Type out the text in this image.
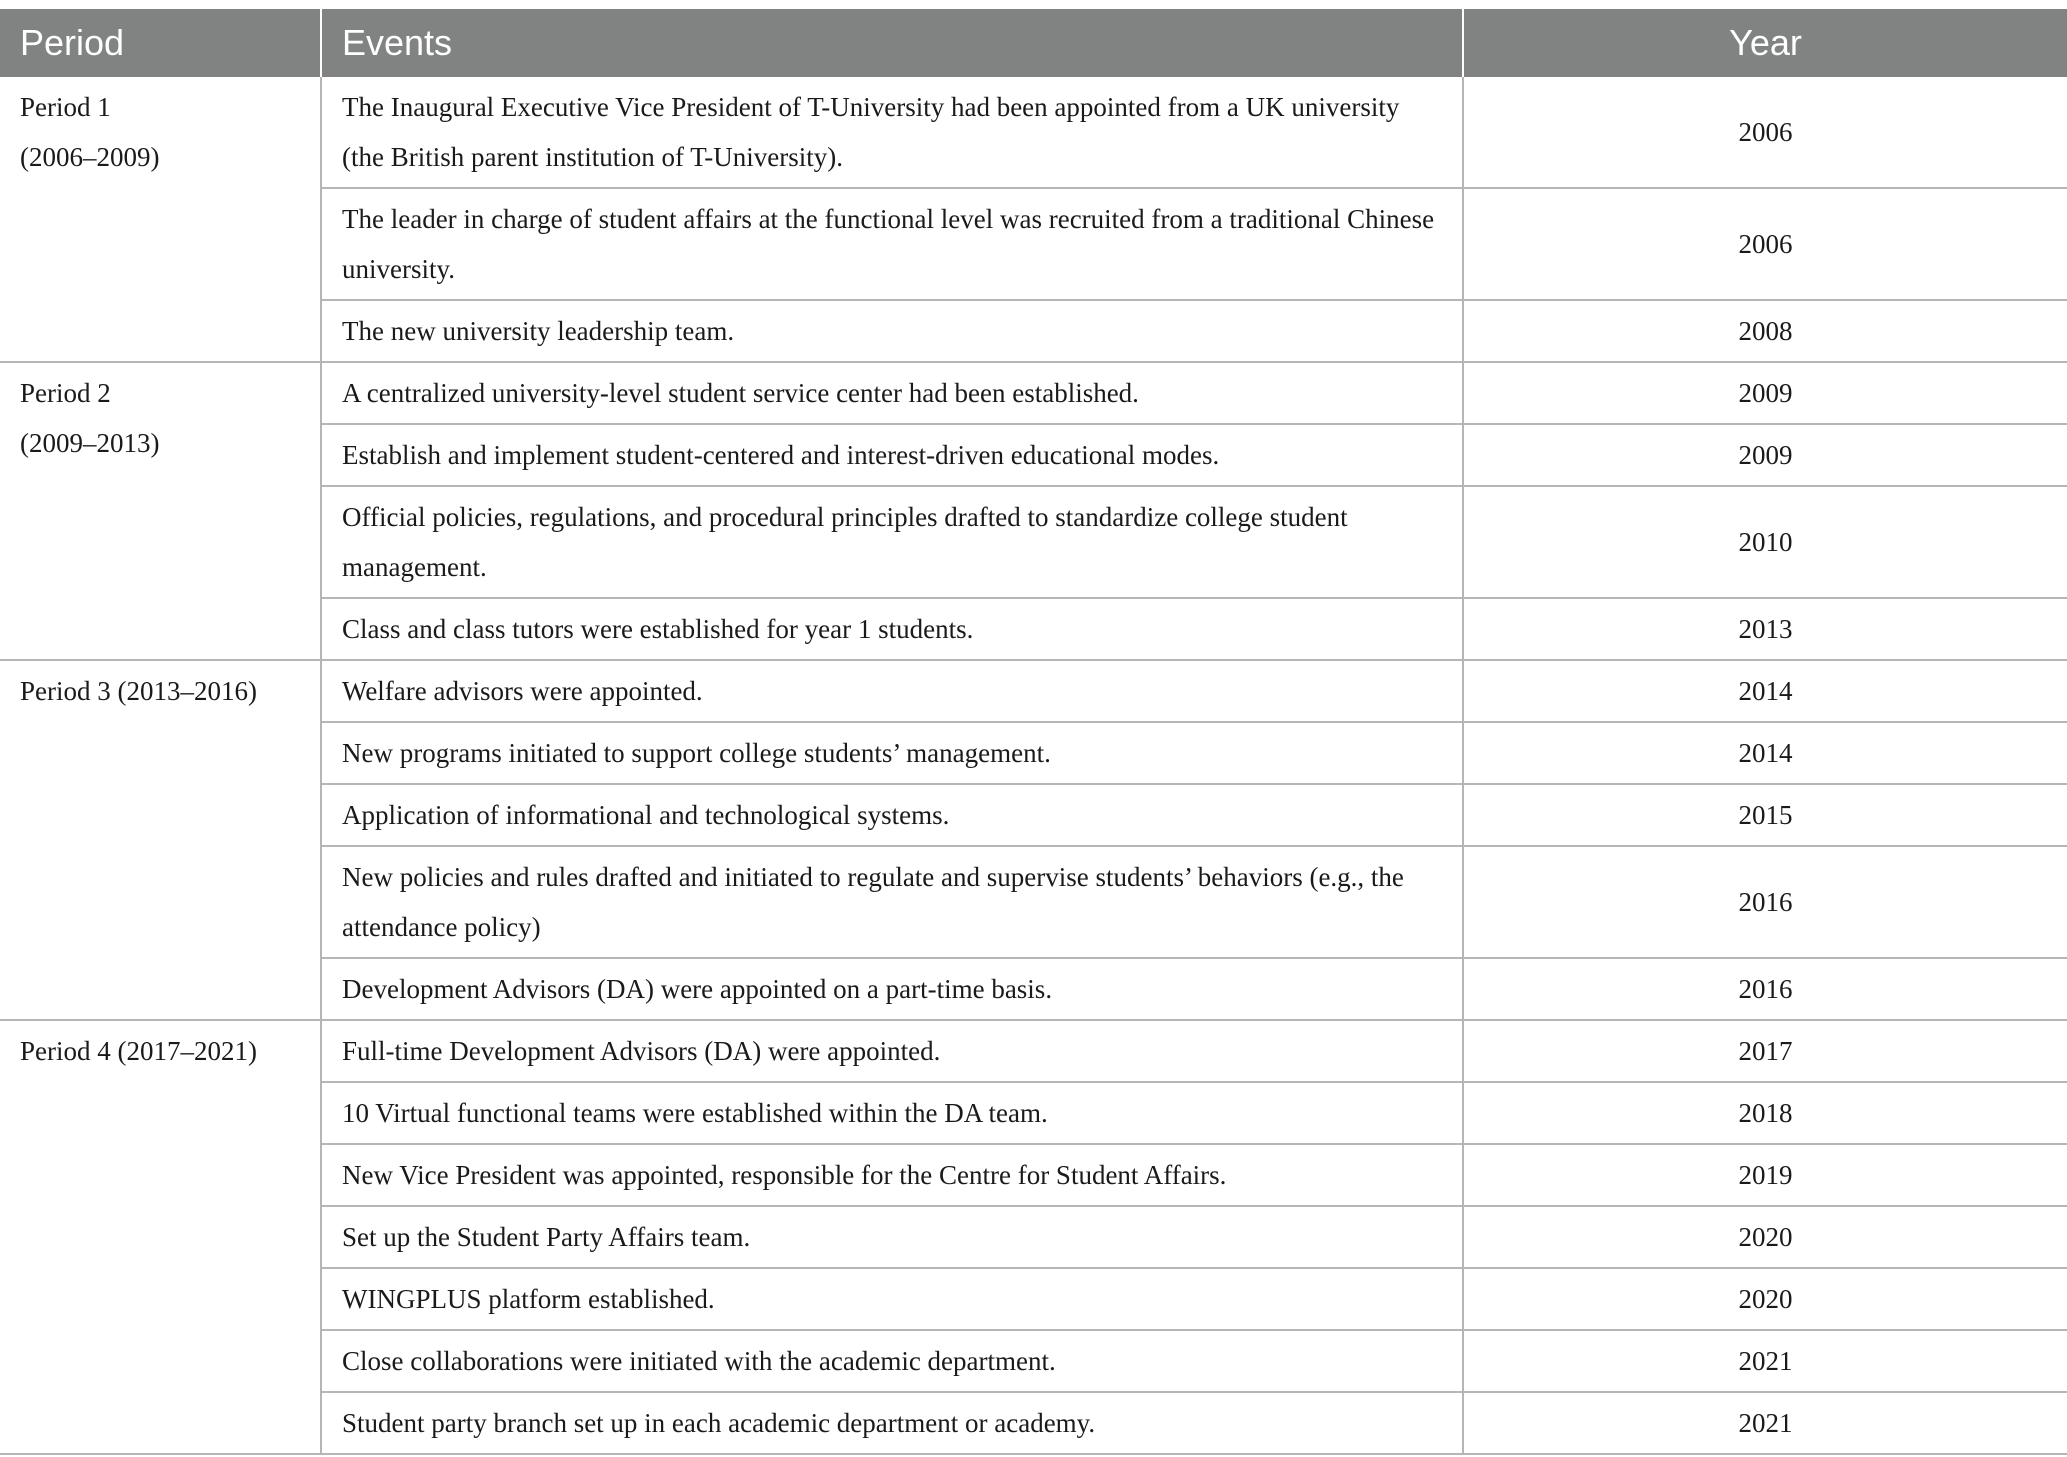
Period	Events	Year

Period 1
(2006–2009)	The Inaugural Executive Vice President of T-University had been appointed from a UK university (the British parent institution of T-University).	2006
	The leader in charge of student affairs at the functional level was recruited from a traditional Chinese university.	2006
	The new university leadership team.	2008

Period 2
(2009–2013)	A centralized university-level student service center had been established.	2009
	Establish and implement student-centered and interest-driven educational modes.	2009
	Official policies, regulations, and procedural principles drafted to standardize college student management.	2010
	Class and class tutors were established for year 1 students.	2013

Period 3 (2013–2016)	Welfare advisors were appointed.	2014
	New programs initiated to support college students’ management.	2014
	Application of informational and technological systems.	2015
	New policies and rules drafted and initiated to regulate and supervise students’ behaviors (e.g., the attendance policy)	2016
	Development Advisors (DA) were appointed on a part-time basis.	2016

Period 4 (2017–2021)	Full-time Development Advisors (DA) were appointed.	2017
	10 Virtual functional teams were established within the DA team.	2018
	New Vice President was appointed, responsible for the Centre for Student Affairs.	2019
	Set up the Student Party Affairs team.	2020
	WINGPLUS platform established.	2020
	Close collaborations were initiated with the academic department.	2021
	Student party branch set up in each academic department or academy.	2021
